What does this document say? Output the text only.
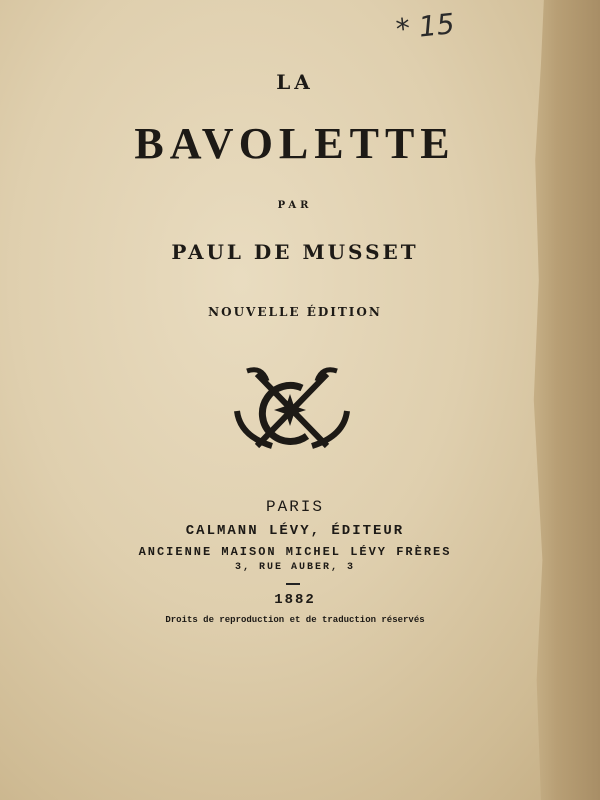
* 15
LA
BAVOLETTE
PAR
PAUL DE MUSSET
NOUVELLE ÉDITION
PARIS
CALMANN LÉVY, ÉDITEUR
ANCIENNE MAISON MICHEL LÉVY FRÈRES
3, RUE AUBER, 3
1882
Droits de reproduction et de traduction réservés
